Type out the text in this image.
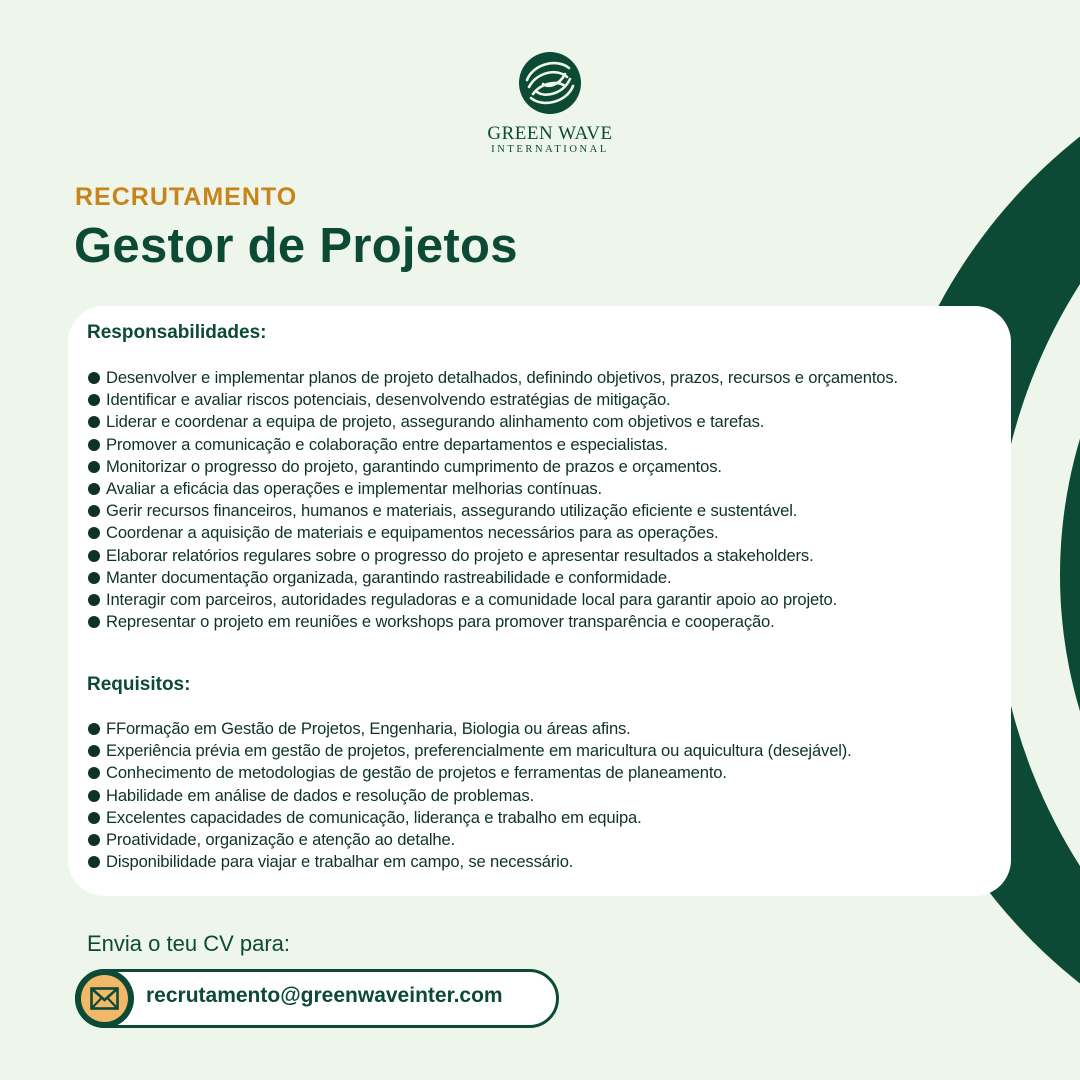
GREEN WAVE
INTERNATIONAL
RECRUTAMENTO
Gestor de Projetos
Responsabilidades:
Desenvolver e implementar planos de projeto detalhados, definindo objetivos, prazos, recursos e orçamentos.
Identificar e avaliar riscos potenciais, desenvolvendo estratégias de mitigação.
Liderar e coordenar a equipa de projeto, assegurando alinhamento com objetivos e tarefas.
Promover a comunicação e colaboração entre departamentos e especialistas.
Monitorizar o progresso do projeto, garantindo cumprimento de prazos e orçamentos.
Avaliar a eficácia das operações e implementar melhorias contínuas.
Gerir recursos financeiros, humanos e materiais, assegurando utilização eficiente e sustentável.
Coordenar a aquisição de materiais e equipamentos necessários para as operações.
Elaborar relatórios regulares sobre o progresso do projeto e apresentar resultados a stakeholders.
Manter documentação organizada, garantindo rastreabilidade e conformidade.
Interagir com parceiros, autoridades reguladoras e a comunidade local para garantir apoio ao projeto.
Representar o projeto em reuniões e workshops para promover transparência e cooperação.
Requisitos:
FFormação em Gestão de Projetos, Engenharia, Biologia ou áreas afins.
Experiência prévia em gestão de projetos, preferencialmente em maricultura ou aquicultura (desejável).
Conhecimento de metodologias de gestão de projetos e ferramentas de planeamento.
Habilidade em análise de dados e resolução de problemas.
Excelentes capacidades de comunicação, liderança e trabalho em equipa.
Proatividade, organização e atenção ao detalhe.
Disponibilidade para viajar e trabalhar em campo, se necessário.
Envia o teu CV para:
recrutamento@greenwaveinter.com
